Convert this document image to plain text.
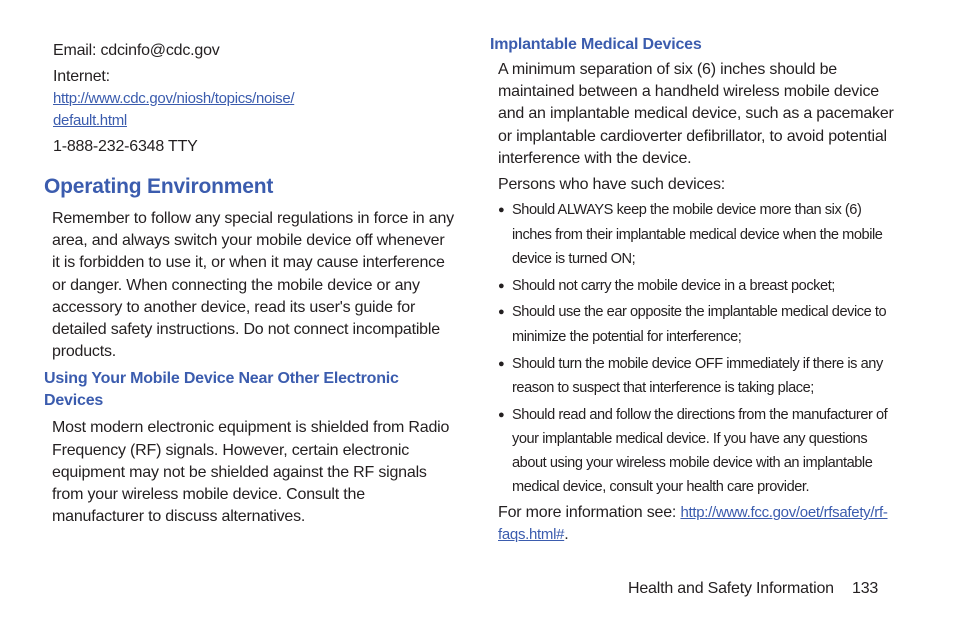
Email: cdcinfo@cdc.gov
Internet:
http://www.cdc.gov/niosh/topics/noise/
default.html
1-888-232-6348 TTY
Operating Environment
Remember to follow any special regulations in force in any area, and always switch your mobile device off whenever it is forbidden to use it, or when it may cause interference or danger. When connecting the mobile device or any accessory to another device, read its user's guide for detailed safety instructions. Do not connect incompatible products.
Using Your Mobile Device Near Other Electronic Devices
Most modern electronic equipment is shielded from Radio Frequency (RF) signals. However, certain electronic equipment may not be shielded against the RF signals from your wireless mobile device. Consult the manufacturer to discuss alternatives.
Implantable Medical Devices
A minimum separation of six (6) inches should be maintained between a handheld wireless mobile device and an implantable medical device, such as a pacemaker or implantable cardioverter defibrillator, to avoid potential interference with the device.
Persons who have such devices:
● Should ALWAYS keep the mobile device more than six (6) inches from their implantable medical device when the mobile device is turned ON;
● Should not carry the mobile device in a breast pocket;
● Should use the ear opposite the implantable medical device to minimize the potential for interference;
● Should turn the mobile device OFF immediately if there is any reason to suspect that interference is taking place;
● Should read and follow the directions from the manufacturer of your implantable medical device. If you have any questions about using your wireless mobile device with an implantable medical device, consult your health care provider.
For more information see: http://www.fcc.gov/oet/rfsafety/rf-
faqs.html#.
Health and Safety Information 133
